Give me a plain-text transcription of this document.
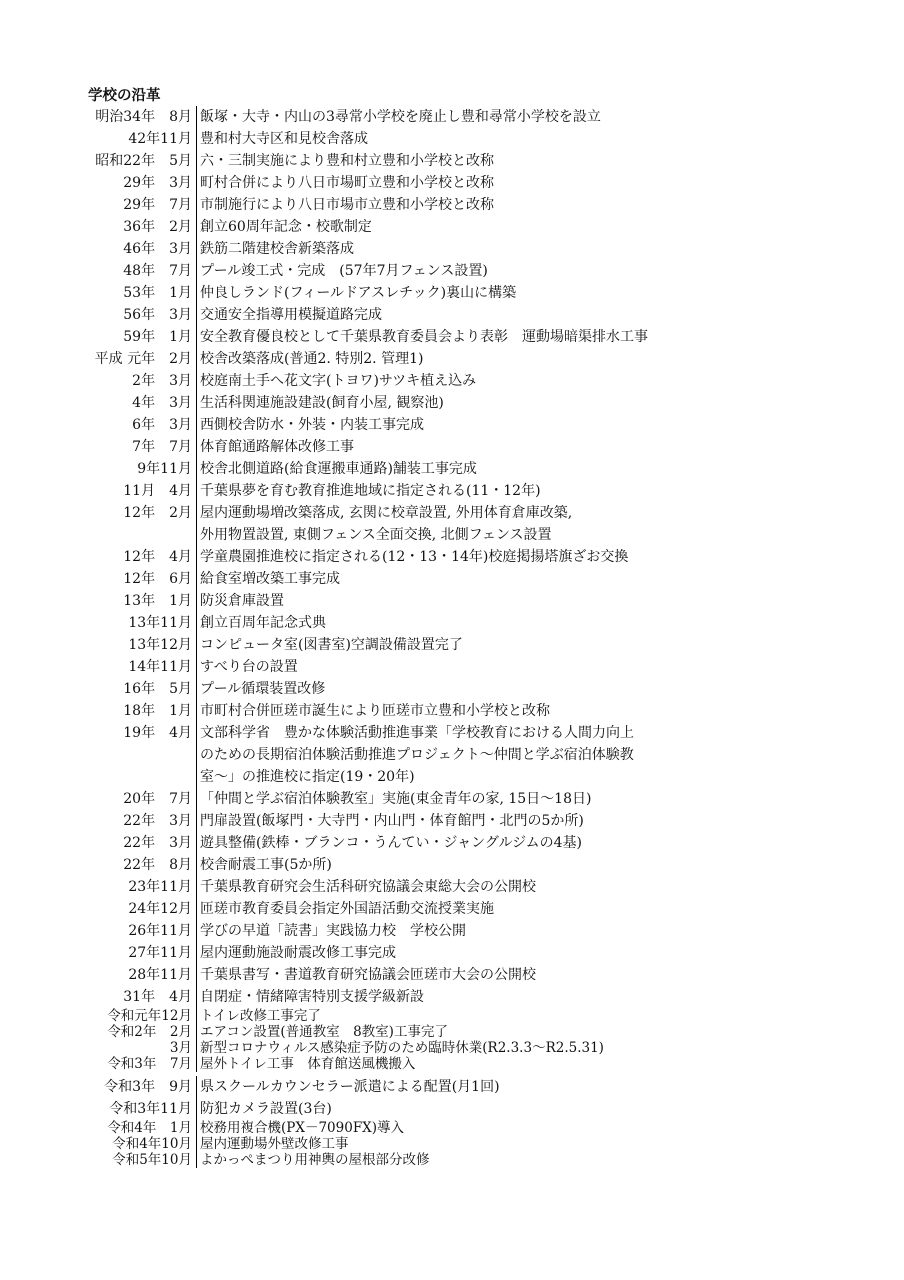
学校の沿革
明治34年　8月 飯塚・大寺・内山の3尋常小学校を廃止し豊和尋常小学校を設立
42年11月 豊和村大寺区和見校舎落成
昭和22年　5月 六・三制実施により豊和村立豊和小学校と改称
29年　3月 町村合併により八日市場町立豊和小学校と改称
29年　7月 市制施行により八日市場市立豊和小学校と改称
36年　2月 創立60周年記念・校歌制定
46年　3月 鉄筋二階建校舎新築落成
48年　7月 プール竣工式・完成　(57年7月フェンス設置)
53年　1月 仲良しランド(フィールドアスレチック)裏山に構築
56年　3月 交通安全指導用模擬道路完成
59年　1月 安全教育優良校として千葉県教育委員会より表彰　運動場暗渠排水工事
平成 元年　2月 校舎改築落成(普通2. 特別2. 管理1)
2年　3月 校庭南土手へ花文字(トヨワ)サツキ植え込み
4年　3月 生活科関連施設建設(飼育小屋, 観察池)
6年　3月 西側校舎防水・外装・内装工事完成
7年　7月 体育館通路解体改修工事
9年11月 校舎北側道路(給食運搬車通路)舗装工事完成
11月　4月 千葉県夢を育む教育推進地域に指定される(11・12年)
12年　2月 屋内運動場増改築落成, 玄関に校章設置, 外用体育倉庫改築,
外用物置設置, 東側フェンス全面交換, 北側フェンス設置
12年　4月 学童農園推進校に指定される(12・13・14年)校庭掲揚塔旗ざお交換
12年　6月 給食室増改築工事完成
13年　1月 防災倉庫設置
13年11月 創立百周年記念式典
13年12月 コンピュータ室(図書室)空調設備設置完了
14年11月 すべり台の設置
16年　5月 プール循環装置改修
18年　1月 市町村合併匝瑳市誕生により匝瑳市立豊和小学校と改称
19年　4月 文部科学省　豊かな体験活動推進事業「学校教育における人間力向上
のための長期宿泊体験活動推進プロジェクト～仲間と学ぶ宿泊体験教
室～」の推進校に指定(19・20年)
20年　7月 「仲間と学ぶ宿泊体験教室」実施(東金青年の家, 15日～18日)
22年　3月 門扉設置(飯塚門・大寺門・内山門・体育館門・北門の5か所)
22年　3月 遊具整備(鉄棒・ブランコ・うんてい・ジャングルジムの4基)
22年　8月 校舎耐震工事(5か所)
23年11月 千葉県教育研究会生活科研究協議会東総大会の公開校
24年12月 匝瑳市教育委員会指定外国語活動交流授業実施
26年11月 学びの早道「読書」実践協力校　学校公開
27年11月 屋内運動施設耐震改修工事完成
28年11月 千葉県書写・書道教育研究協議会匝瑳市大会の公開校
31年　4月 自閉症・情緒障害特別支援学級新設
令和元年12月 トイレ改修工事完了
令和2年　2月 エアコン設置(普通教室　8教室)工事完了
3月 新型コロナウィルス感染症予防のため臨時休業(R2.3.3～R2.5.31)
令和3年　7月 屋外トイレ工事　体育館送風機搬入
令和3年　9月 県スクールカウンセラー派遣による配置(月1回)
令和3年11月 防犯カメラ設置(3台)
令和4年　1月 校務用複合機(PX－7090FX)導入
令和4年10月 屋内運動場外壁改修工事
令和5年10月 よかっぺまつり用神輿の屋根部分改修
